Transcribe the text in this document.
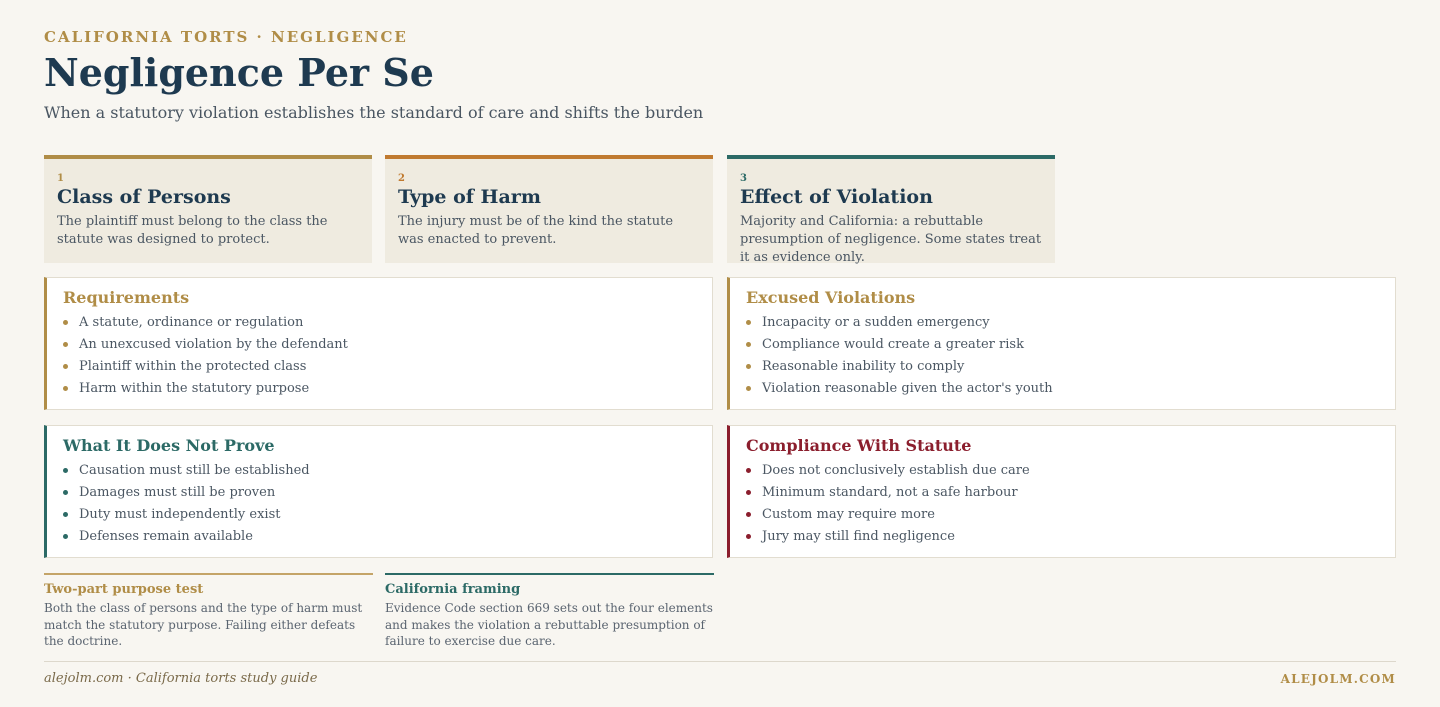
CALIFORNIA TORTS · NEGLIGENCE
Negligence Per Se
When a statutory violation establishes the standard of care and shifts the burden
1
Class of Persons
The plaintiff must belong to the class the statute was designed to protect.
2
Type of Harm
The injury must be of the kind the statute was enacted to prevent.
3
Effect of Violation
Majority and California: a rebuttable presumption of negligence. Some states treat it as evidence only.
Requirements
A statute, ordinance or regulation
An unexcused violation by the defendant
Plaintiff within the protected class
Harm within the statutory purpose
Excused Violations
Incapacity or a sudden emergency
Compliance would create a greater risk
Reasonable inability to comply
Violation reasonable given the actor's youth
What It Does Not Prove
Causation must still be established
Damages must still be proven
Duty must independently exist
Defenses remain available
Compliance With Statute
Does not conclusively establish due care
Minimum standard, not a safe harbour
Custom may require more
Jury may still find negligence
Two-part purpose test
Both the class of persons and the type of harm must match the statutory purpose. Failing either defeats the doctrine.
California framing
Evidence Code section 669 sets out the four elements and makes the violation a rebuttable presumption of failure to exercise due care.
alejolm.com · California torts study guide	ALEJOLM.COM
